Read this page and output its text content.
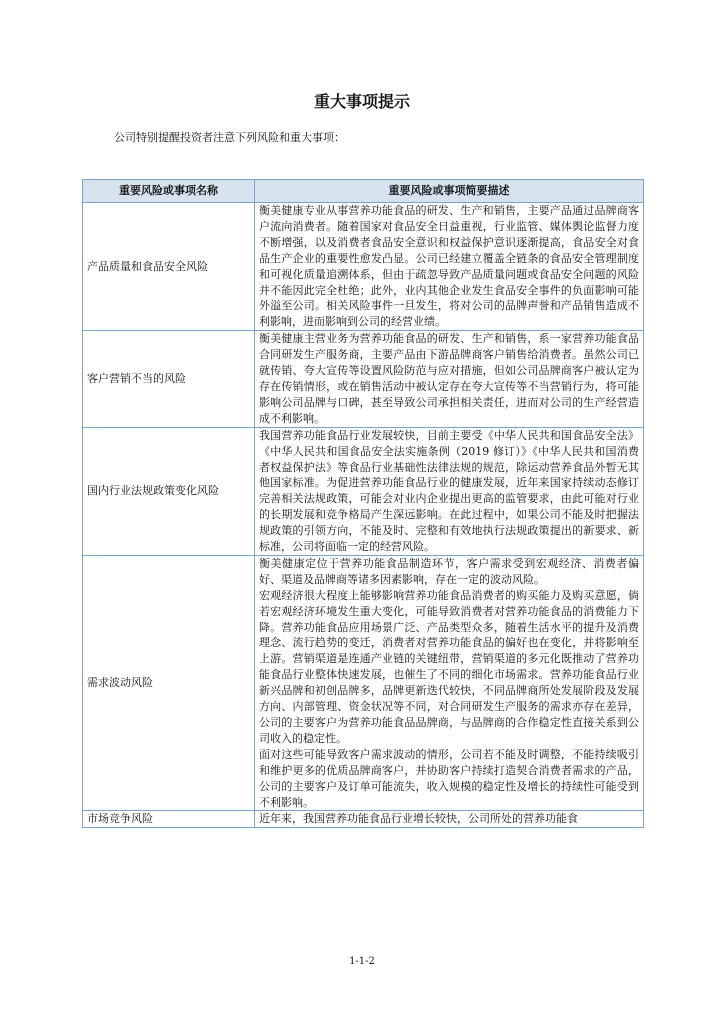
重大事项提示
公司特别提醒投资者注意下列风险和重大事项：
重要风险或事项名称	重要风险或事项简要描述
产品质量和食品安全风险	衡美健康专业从事营养功能食品的研发、生产和销售，主要产品通过品牌商客户流向消费者。随着国家对食品安全日益重视，行业监管、媒体舆论监督力度不断增强，以及消费者食品安全意识和权益保护意识逐渐提高，食品安全对食品生产企业的重要性愈发凸显。公司已经建立覆盖全链条的食品安全管理制度和可视化质量追溯体系，但由于疏忽导致产品质量问题或食品安全问题的风险并不能因此完全杜绝；此外，业内其他企业发生食品安全事件的负面影响可能外溢至公司。相关风险事件一旦发生，将对公司的品牌声誉和产品销售造成不利影响，进而影响到公司的经营业绩。

客户营销不当的风险	衡美健康主营业务为营养功能食品的研发、生产和销售，系一家营养功能食品合同研发生产服务商，主要产品由下游品牌商客户销售给消费者。虽然公司已就传销、夸大宣传等设置风险防范与应对措施，但如公司品牌商客户被认定为存在传销情形，或在销售活动中被认定存在夸大宣传等不当营销行为，将可能影响公司品牌与口碑，甚至导致公司承担相关责任，进而对公司的生产经营造成不利影响。

国内行业法规政策变化风险	我国营养功能食品行业发展较快，目前主要受《中华人民共和国食品安全法》《中华人民共和国食品安全法实施条例（2019 修订）》《中华人民共和国消费者权益保护法》等食品行业基础性法律法规的规范，除运动营养食品外暂无其他国家标准。为促进营养功能食品行业的健康发展，近年来国家持续动态修订完善相关法规政策，可能会对业内企业提出更高的监管要求，由此可能对行业的长期发展和竞争格局产生深远影响。在此过程中，如果公司不能及时把握法规政策的引领方向，不能及时、完整和有效地执行法规政策提出的新要求、新标准，公司将面临一定的经营风险。

需求波动风险	衡美健康定位于营养功能食品制造环节，客户需求受到宏观经济、消费者偏好、渠道及品牌商等诸多因素影响，存在一定的波动风险。

宏观经济很大程度上能够影响营养功能食品消费者的购买能力及购买意愿，倘若宏观经济环境发生重大变化，可能导致消费者对营养功能食品的消费能力下降。营养功能食品应用场景广泛、产品类型众多，随着生活水平的提升及消费理念、流行趋势的变迁，消费者对营养功能食品的偏好也在变化，并将影响至上游。营销渠道是连通产业链的关键纽带，营销渠道的多元化既推动了营养功能食品行业整体快速发展，也催生了不同的细化市场需求。营养功能食品行业新兴品牌和初创品牌多，品牌更新迭代较快，不同品牌商所处发展阶段及发展方向、内部管理、资金状况等不同，对合同研发生产服务的需求亦存在差异，公司的主要客户为营养功能食品品牌商，与品牌商的合作稳定性直接关系到公司收入的稳定性。

面对这些可能导致客户需求波动的情形，公司若不能及时调整，不能持续吸引和维护更多的优质品牌商客户，并协助客户持续打造契合消费者需求的产品，公司的主要客户及订单可能流失，收入规模的稳定性及增长的持续性可能受到不利影响。

市场竞争风险	近年来，我国营养功能食品行业增长较快，公司所处的营养功能食

1-1-2
